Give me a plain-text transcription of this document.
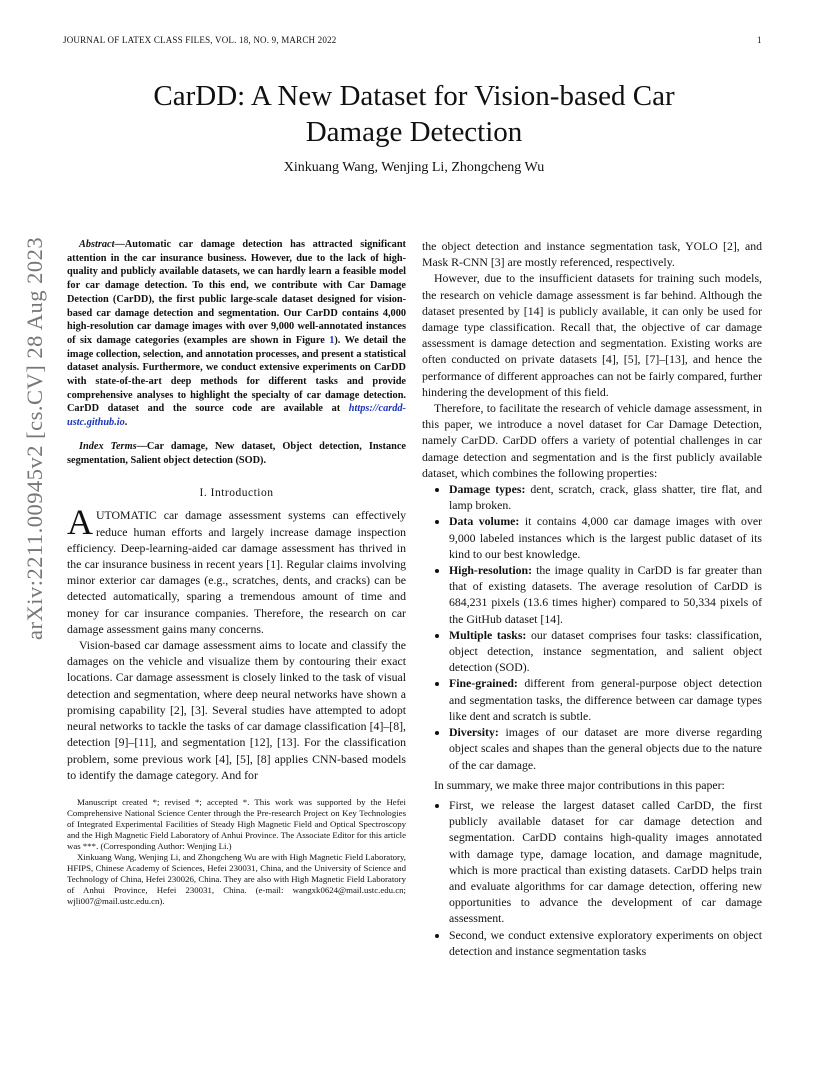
JOURNAL OF LATEX CLASS FILES, VOL. 18, NO. 9, MARCH 2022	1
arXiv:2211.00945v2 [cs.CV] 28 Aug 2023
CarDD: A New Dataset for Vision-based Car
Damage Detection
Xinkuang Wang, Wenjing Li, Zhongcheng Wu

Abstract—Automatic car damage detection has attracted significant attention in the car insurance business. However, due to the lack of high-quality and publicly available datasets, we can hardly learn a feasible model for car damage detection. To this end, we contribute with Car Damage Detection (CarDD), the first public large-scale dataset designed for vision-based car damage detection and segmentation. Our CarDD contains 4,000 high-resolution car damage images with over 9,000 well-annotated instances of six damage categories (examples are shown in Figure 1). We detail the image collection, selection, and annotation processes, and present a statistical dataset analysis. Furthermore, we conduct extensive experiments on CarDD with state-of-the-art deep methods for different tasks and provide comprehensive analyses to highlight the specialty of car damage detection. CarDD dataset and the source code are available at https://cardd-ustc.github.io.

Index Terms—Car damage, New dataset, Object detection, Instance segmentation, Salient object detection (SOD).

I. Introduction

AUTOMATIC car damage assessment systems can effectively reduce human efforts and largely increase damage inspection efficiency. Deep-learning-aided car damage assessment has thrived in the car insurance business in recent years [1]. Regular claims involving minor exterior car damages (e.g., scratches, dents, and cracks) can be detected automatically, sparing a tremendous amount of time and money for car insurance companies. Therefore, the research on car damage assessment gains many concerns.

Vision-based car damage assessment aims to locate and classify the damages on the vehicle and visualize them by contouring their exact locations. Car damage assessment is closely linked to the task of visual detection and segmentation, where deep neural networks have shown a promising capability [2], [3]. Several studies have attempted to adopt neural networks to tackle the tasks of car damage classification [4]–[8], detection [9]–[11], and segmentation [12], [13]. For the classification problem, some previous work [4], [5], [8] applies CNN-based models to identify the damage category. And for

Manuscript created *; revised *; accepted *. This work was supported by the Hefei Comprehensive National Science Center through the Pre-research Project on Key Technologies of Integrated Experimental Facilities of Steady High Magnetic Field and Optical Spectroscopy and the High Magnetic Field Laboratory of Anhui Province. The Associate Editor for this article was ***. (Corresponding Author: Wenjing Li.)

Xinkuang Wang, Wenjing Li, and Zhongcheng Wu are with High Magnetic Field Laboratory, HFIPS, Chinese Academy of Sciences, Hefei 230031, China, and the University of Science and Technology of China, Hefei 230026, China. They are also with High Magnetic Field Laboratory of Anhui Province, Hefei 230031, China. (e-mail: wangxk0624@mail.ustc.edu.cn; wjli007@mail.ustc.edu.cn).

the object detection and instance segmentation task, YOLO [2], and Mask R-CNN [3] are mostly referenced, respectively.

However, due to the insufficient datasets for training such models, the research on vehicle damage assessment is far behind. Although the dataset presented by [14] is publicly available, it can only be used for damage type classification. Recall that, the objective of car damage assessment is damage detection and segmentation. Existing works are often conducted on private datasets [4], [5], [7]–[13], and hence the performance of different approaches can not be fairly compared, further hindering the development of this field.

Therefore, to facilitate the research of vehicle damage assessment, in this paper, we introduce a novel dataset for Car Damage Detection, namely CarDD. CarDD offers a variety of potential challenges in car damage detection and segmentation and is the first publicly available dataset, which combines the following properties:

• Damage types: dent, scratch, crack, glass shatter, tire flat, and lamp broken.
• Data volume: it contains 4,000 car damage images with over 9,000 labeled instances which is the largest public dataset of its kind to our best knowledge.
• High-resolution: the image quality in CarDD is far greater than that of existing datasets. The average resolution of CarDD is 684,231 pixels (13.6 times higher) compared to 50,334 pixels of the GitHub dataset [14].
• Multiple tasks: our dataset comprises four tasks: classification, object detection, instance segmentation, and salient object detection (SOD).
• Fine-grained: different from general-purpose object detection and segmentation tasks, the difference between car damage types like dent and scratch is subtle.
• Diversity: images of our dataset are more diverse regarding object scales and shapes than the general objects due to the nature of the car damage.

In summary, we make three major contributions in this paper:

• First, we release the largest dataset called CarDD, the first publicly available dataset for car damage detection and segmentation. CarDD contains high-quality images annotated with damage type, damage location, and damage magnitude, which is more practical than existing datasets. CarDD helps train and evaluate algorithms for car damage detection, offering new opportunities to advance the development of car damage assessment.
• Second, we conduct extensive exploratory experiments on object detection and instance segmentation tasks
